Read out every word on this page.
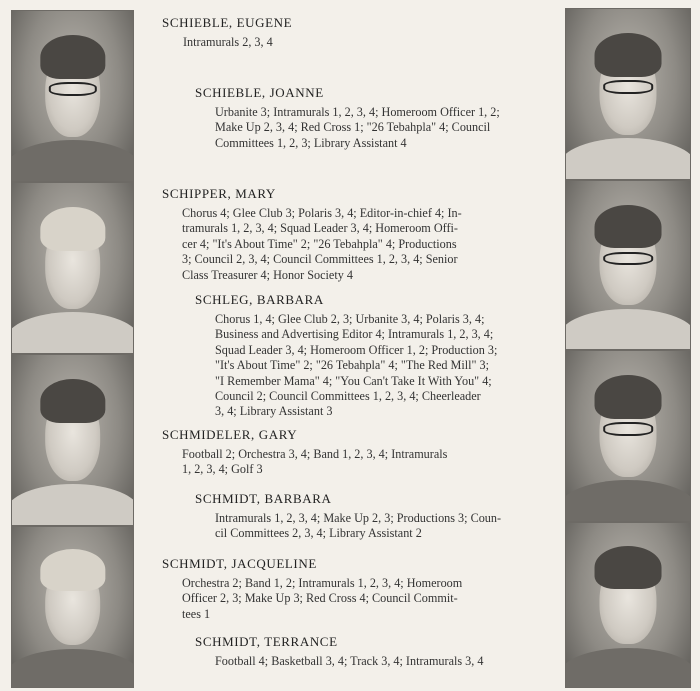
SCHIEBLE, EUGENE
Intramurals 2, 3, 4
SCHIEBLE, JOANNE
Urbanite 3; Intramurals 1, 2, 3, 4; Homeroom Officer 1, 2;
Make Up 2, 3, 4; Red Cross 1; "26 Tebahpla" 4; Council
Committees 1, 2, 3; Library Assistant 4
SCHIPPER, MARY
Chorus 4; Glee Club 3; Polaris 3, 4; Editor-in-chief 4; In-
tramurals 1, 2, 3, 4; Squad Leader 3, 4; Homeroom Offi-
cer 4; "It's About Time" 2; "26 Tebahpla" 4; Productions
3; Council 2, 3, 4; Council Committees 1, 2, 3, 4; Senior
Class Treasurer 4; Honor Society 4
SCHLEG, BARBARA
Chorus 1, 4; Glee Club 2, 3; Urbanite 3, 4; Polaris 3, 4;
Business and Advertising Editor 4; Intramurals 1, 2, 3, 4;
Squad Leader 3, 4; Homeroom Officer 1, 2; Production 3;
"It's About Time" 2; "26 Tebahpla" 4; "The Red Mill" 3;
"I Remember Mama" 4; "You Can't Take It With You" 4;
Council 2; Council Committees 1, 2, 3, 4; Cheerleader
3, 4; Library Assistant 3
SCHMIDELER, GARY
Football 2; Orchestra 3, 4; Band 1, 2, 3, 4; Intramurals
1, 2, 3, 4; Golf 3
SCHMIDT, BARBARA
Intramurals 1, 2, 3, 4; Make Up 2, 3; Productions 3; Coun-
cil Committees 2, 3, 4; Library Assistant 2
SCHMIDT, JACQUELINE
Orchestra 2; Band 1, 2; Intramurals 1, 2, 3, 4; Homeroom
Officer 2, 3; Make Up 3; Red Cross 4; Council Commit-
tees 1
SCHMIDT, TERRANCE
Football 4; Basketball 3, 4; Track 3, 4; Intramurals 3, 4
